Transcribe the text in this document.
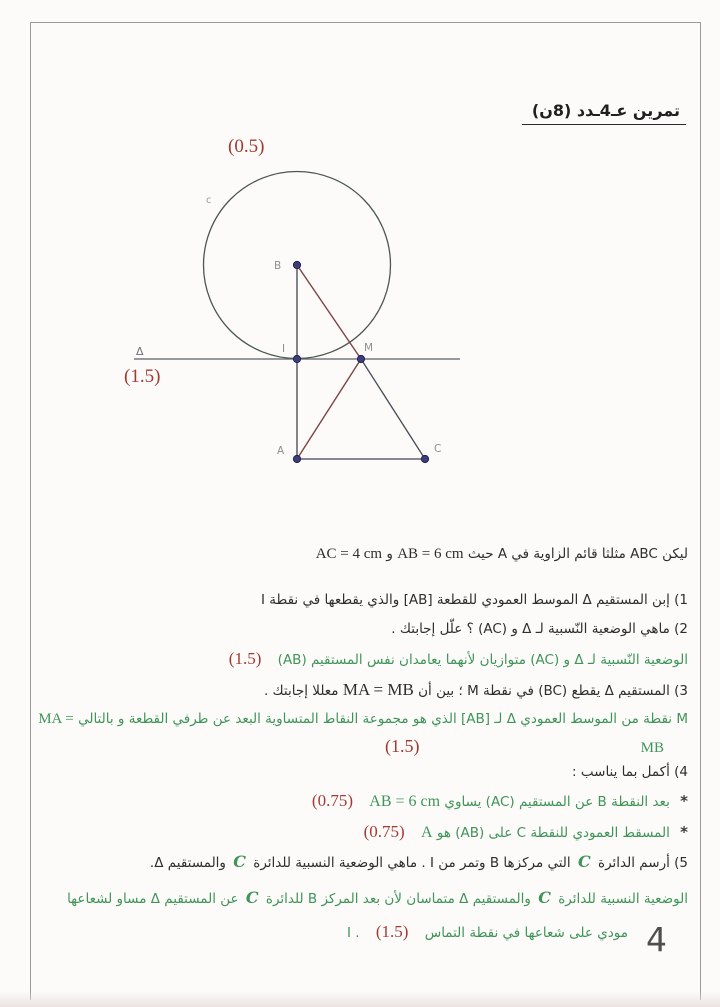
تمرين عـ4ـدد (8ن)
c
Δ
B
I	M
A	C
(0.5)
(1.5)
ليكن ABC مثلثا قائم الزاوية في A حيث AB = 6 cm و AC = 4 cm
1) إبن المستقيم Δ الموسط العمودي للقطعة [AB] والذي يقطعها في نقطة I
2) ماهي الوضعية النّسبية لـ Δ و (AC) ؟ علّل إجابتك .
الوضعية النّسبية لـ Δ و (AC) متوازيان لأنهما يعامدان نفس المستقيم (AB) (1.5)
3) المستقيم Δ يقطع (BC) في نقطة M ؛ بين أن MA = MB معللا إجابتك .
M نقطة من الموسط العمودي Δ لـ [AB] الذي هو مجموعة النقاط المتساوية البعد عن طرفي القطعة و بالتالي MA =
MB
(1.5)
4) أكمل بما يناسب :
* بعد النقطة B عن المستقيم (AC) يساوي AB = 6 cm (0.75)
* المسقط العمودي للنقطة C على (AB) هو A (0.75)
5) أرسم الدائرة C التي مركزها B وتمر من I . ماهي الوضعية النسبية للدائرة C والمستقيم Δ.
الوضعية النسبية للدائرة C والمستقيم Δ متماسان لأن بعد المركز B للدائرة C عن المستقيم Δ مساو لشعاعها
مودي على شعاعها في نقطة التماس I . (1.5)	4
